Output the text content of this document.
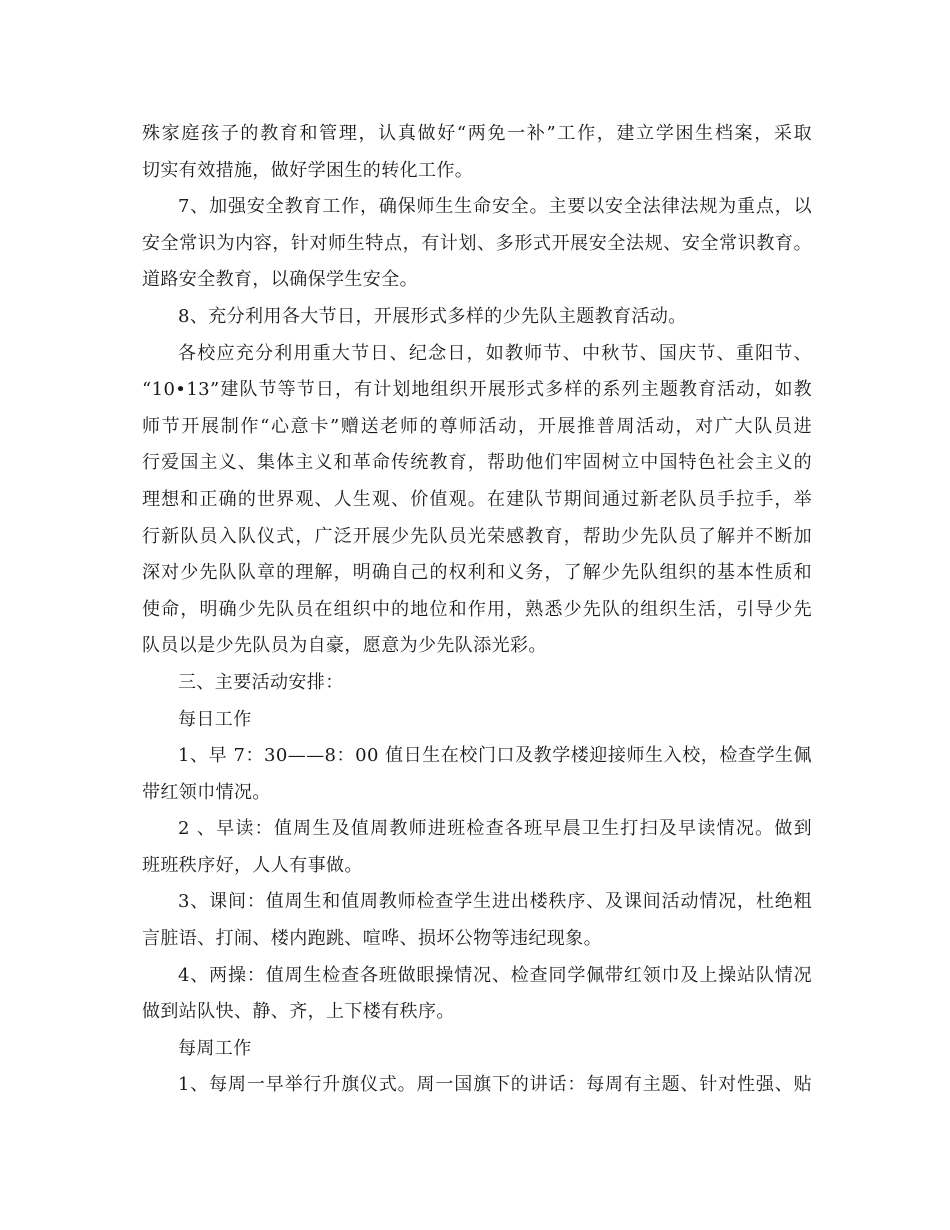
殊家庭孩子的教育和管理，认真做好“两免一补”工作，建立学困生档案，采取
切实有效措施，做好学困生的转化工作。
7、加强安全教育工作，确保师生生命安全。主要以安全法律法规为重点，以
安全常识为内容，针对师生特点，有计划、多形式开展安全法规、安全常识教育。
道路安全教育，以确保学生安全。
8、充分利用各大节日，开展形式多样的少先队主题教育活动。
各校应充分利用重大节日、纪念日，如教师节、中秋节、国庆节、重阳节、
“10•13”建队节等节日，有计划地组织开展形式多样的系列主题教育活动，如教
师节开展制作“心意卡”赠送老师的尊师活动，开展推普周活动，对广大队员进
行爱国主义、集体主义和革命传统教育，帮助他们牢固树立中国特色社会主义的
理想和正确的世界观、人生观、价值观。在建队节期间通过新老队员手拉手，举
行新队员入队仪式，广泛开展少先队员光荣感教育，帮助少先队员了解并不断加
深对少先队队章的理解，明确自己的权利和义务，了解少先队组织的基本性质和
使命，明确少先队员在组织中的地位和作用，熟悉少先队的组织生活，引导少先
队员以是少先队员为自豪，愿意为少先队添光彩。
三、主要活动安排：
每日工作
1、早 7：30——8：00 值日生在校门口及教学楼迎接师生入校，检查学生佩
带红领巾情况。
2 、早读：值周生及值周教师进班检查各班早晨卫生打扫及早读情况。做到
班班秩序好，人人有事做。
3、课间：值周生和值周教师检查学生进出楼秩序、及课间活动情况，杜绝粗
言脏语、打闹、楼内跑跳、喧哗、损坏公物等违纪现象。
4、两操：值周生检查各班做眼操情况、检查同学佩带红领巾及上操站队情况
做到站队快、静、齐，上下楼有秩序。
每周工作
1、每周一早举行升旗仪式。周一国旗下的讲话：每周有主题、针对性强、贴
